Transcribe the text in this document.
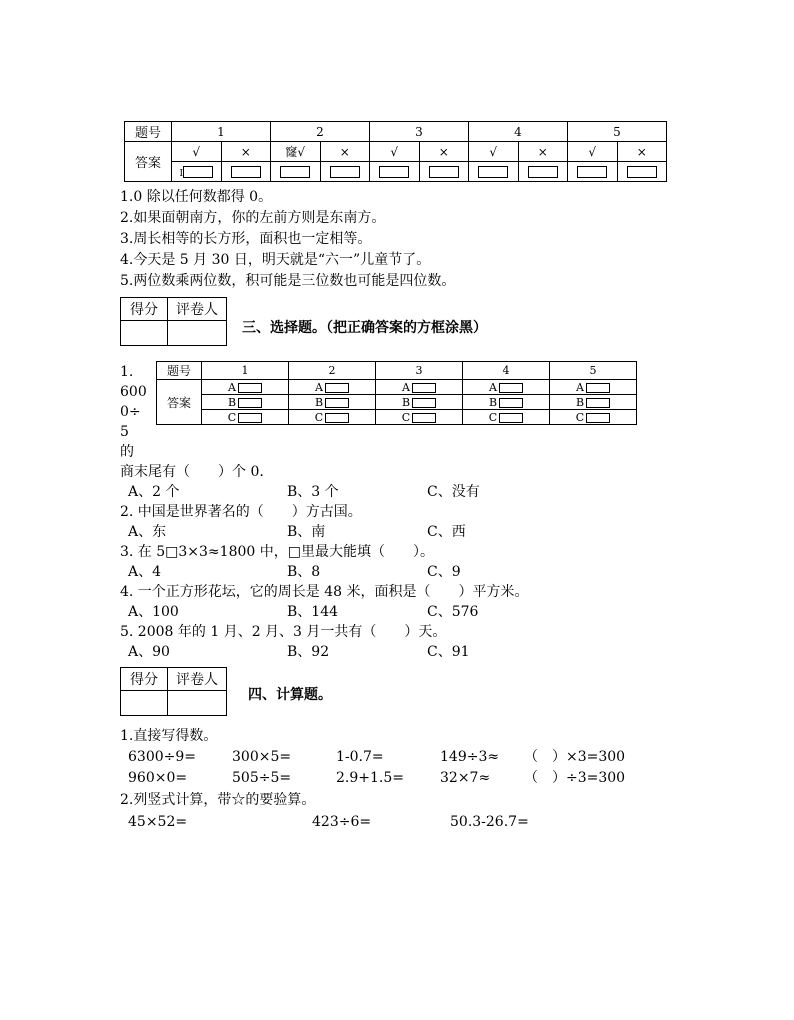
题号	1		2		3		4		5	
答案	√	×	窿√	×	√	×	√	×	√	×
	I									
1.0 除以任何数都得 0。
2.如果面朝南方，你的左前方则是东南方。
3.周长相等的长方形，面积也一定相等。
4.今天是 5 月 30 日，明天就是“六一”儿童节了。
5.两位数乘两位数，积可能是三位数也可能是四位数。
得分	评卷人

三、选择题。（把正确答案的方框涂黑）
1.
600
0÷
5
的
题号	1	2	3	4	5
答案	A	A	A	A	A
	B	B	B	B	B
	C	C	C	C	C
商末尾有（　　）个 0.
A、2 个	B、3 个	C、没有
2. 中国是世界著名的（　　）方古国。
A、东	B、南	C、西
3. 在 5□3×3≈1800 中，□里最大能填（　　）。
A、4	B、8	C、9
4. 一个正方形花坛，它的周长是 48 米，面积是（　　）平方米。
A、100	B、144	C、576
5. 2008 年的 1 月、2 月、3 月一共有（　　）天。
A、90	B、92	C、91
得分	评卷人

四、计算题。
1.直接写得数。
6300÷9=	300×5=	1-0.7=	149÷3≈ （　）×3=300
960×0=	505÷5=	2.9+1.5=	32×7≈ （　）÷3=300
2.列竖式计算，带☆的要验算。
45×52=	423÷6=	50.3-26.7=
